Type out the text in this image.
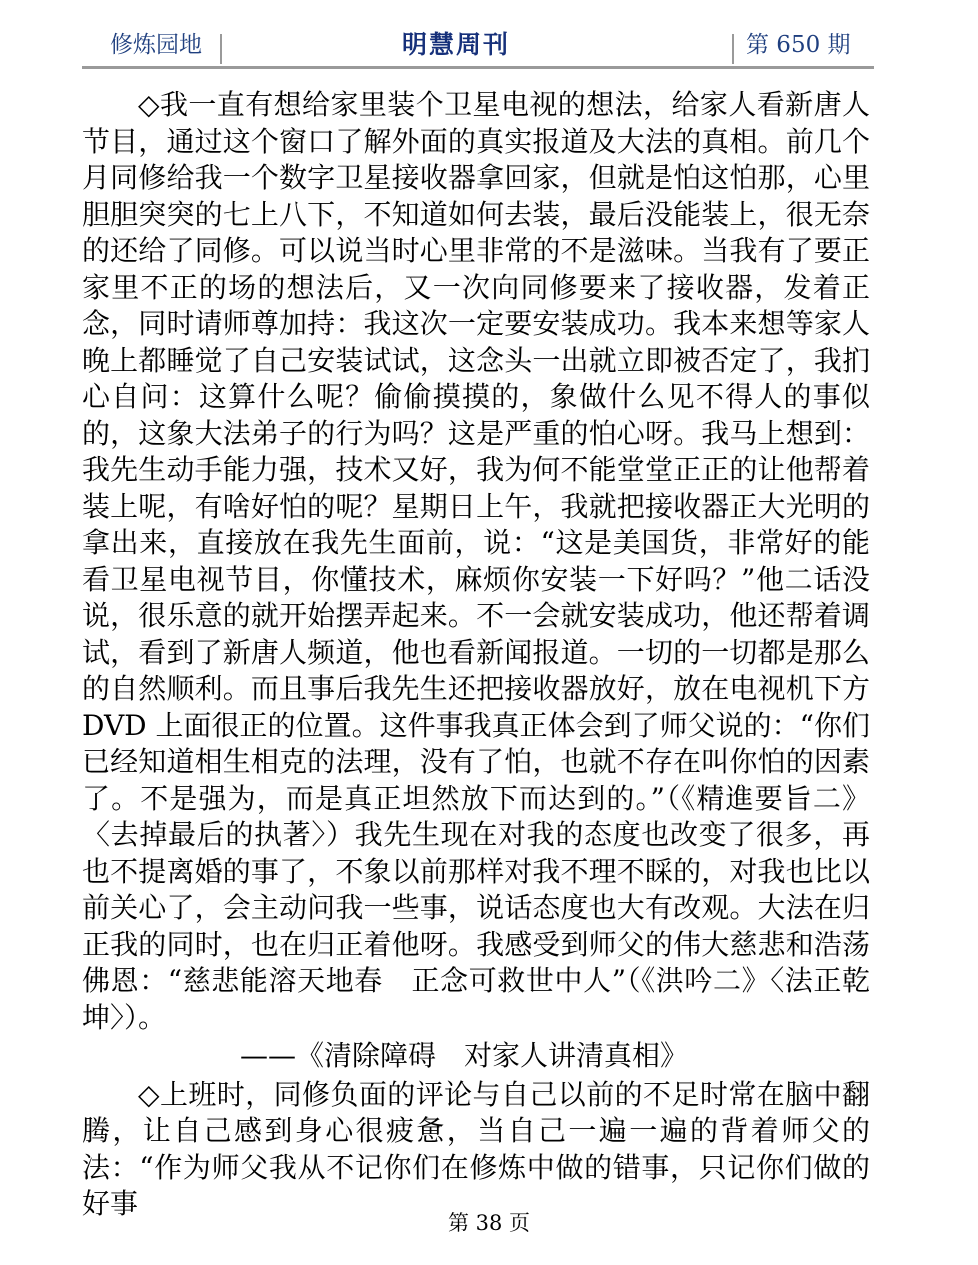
修炼园地	明慧周刊	第 650 期

◇我一直有想给家里装个卫星电视的想法，给家人看新唐人节目，通过这个窗口了解外面的真实报道及大法的真相。前几个月同修给我一个数字卫星接收器拿回家，但就是怕这怕那，心里胆胆突突的七上八下，不知道如何去装，最后没能装上，很无奈的还给了同修。可以说当时心里非常的不是滋味。当我有了要正家里不正的场的想法后，又一次向同修要来了接收器，发着正念，同时请师尊加持：我这次一定要安装成功。我本来想等家人晚上都睡觉了自己安装试试，这念头一出就立即被否定了，我扪心自问：这算什么呢？偷偷摸摸的，象做什么见不得人的事似的，这象大法弟子的行为吗？这是严重的怕心呀。我马上想到：我先生动手能力强，技术又好，我为何不能堂堂正正的让他帮着装上呢，有啥好怕的呢？星期日上午，我就把接收器正大光明的拿出来，直接放在我先生面前，说：“这是美国货，非常好的能看卫星电视节目，你懂技术，麻烦你安装一下好吗？”他二话没说，很乐意的就开始摆弄起来。不一会就安装成功，他还帮着调试，看到了新唐人频道，他也看新闻报道。一切的一切都是那么的自然顺利。而且事后我先生还把接收器放好，放在电视机下方DVD 上面很正的位置。这件事我真正体会到了师父说的：“你们已经知道相生相克的法理，没有了怕，也就不存在叫你怕的因素了。不是强为，而是真正坦然放下而达到的。”（《精進要旨二》〈去掉最后的执著〉）我先生现在对我的态度也改变了很多，再也不提离婚的事了，不象以前那样对我不理不睬的，对我也比以前关心了，会主动问我一些事，说话态度也大有改观。大法在归正我的同时，也在归正着他呀。我感受到师父的伟大慈悲和浩荡佛恩：“慈悲能溶天地春　正念可救世中人”（《洪吟二》〈法正乾坤〉）。

——《清除障碍　对家人讲清真相》

◇上班时，同修负面的评论与自己以前的不足时常在脑中翻腾，让自己感到身心很疲惫，当自己一遍一遍的背着师父的法：“作为师父我从不记你们在修炼中做的错事，只记你们做的好事

第 38 页
